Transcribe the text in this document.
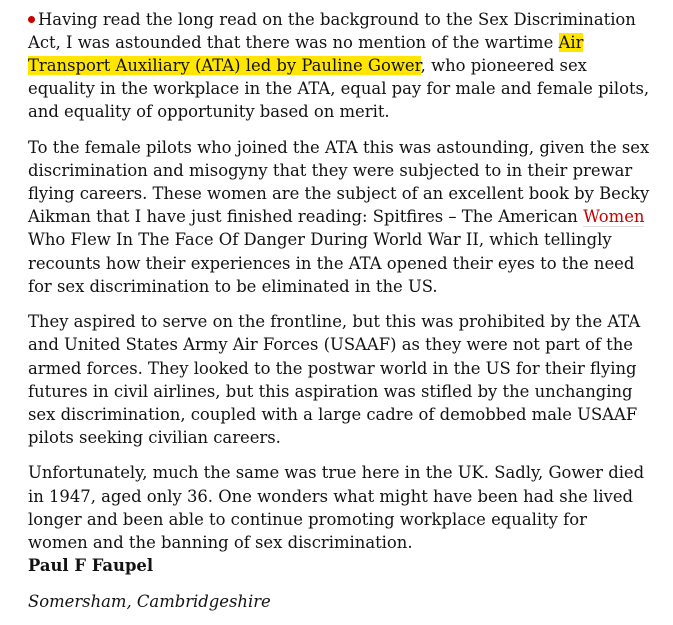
Having read the long read on the background to the Sex Discrimination Act, I was astounded that there was no mention of the wartime Air Transport Auxiliary (ATA) led by Pauline Gower, who pioneered sex equality in the workplace in the ATA, equal pay for male and female pilots, and equality of opportunity based on merit.

To the female pilots who joined the ATA this was astounding, given the sex discrimination and misogyny that they were subjected to in their prewar flying careers. These women are the subject of an excellent book by Becky Aikman that I have just finished reading: Spitfires – The American Women Who Flew In The Face Of Danger During World War II, which tellingly recounts how their experiences in the ATA opened their eyes to the need for sex discrimination to be eliminated in the US.

They aspired to serve on the frontline, but this was prohibited by the ATA and United States Army Air Forces (USAAF) as they were not part of the armed forces. They looked to the postwar world in the US for their flying futures in civil airlines, but this aspiration was stifled by the unchanging sex discrimination, coupled with a large cadre of demobbed male USAAF pilots seeking civilian careers.

Unfortunately, much the same was true here in the UK. Sadly, Gower died in 1947, aged only 36. One wonders what might have been had she lived longer and been able to continue promoting workplace equality for women and the banning of sex discrimination.

Paul F Faupel

Somersham, Cambridgeshire
